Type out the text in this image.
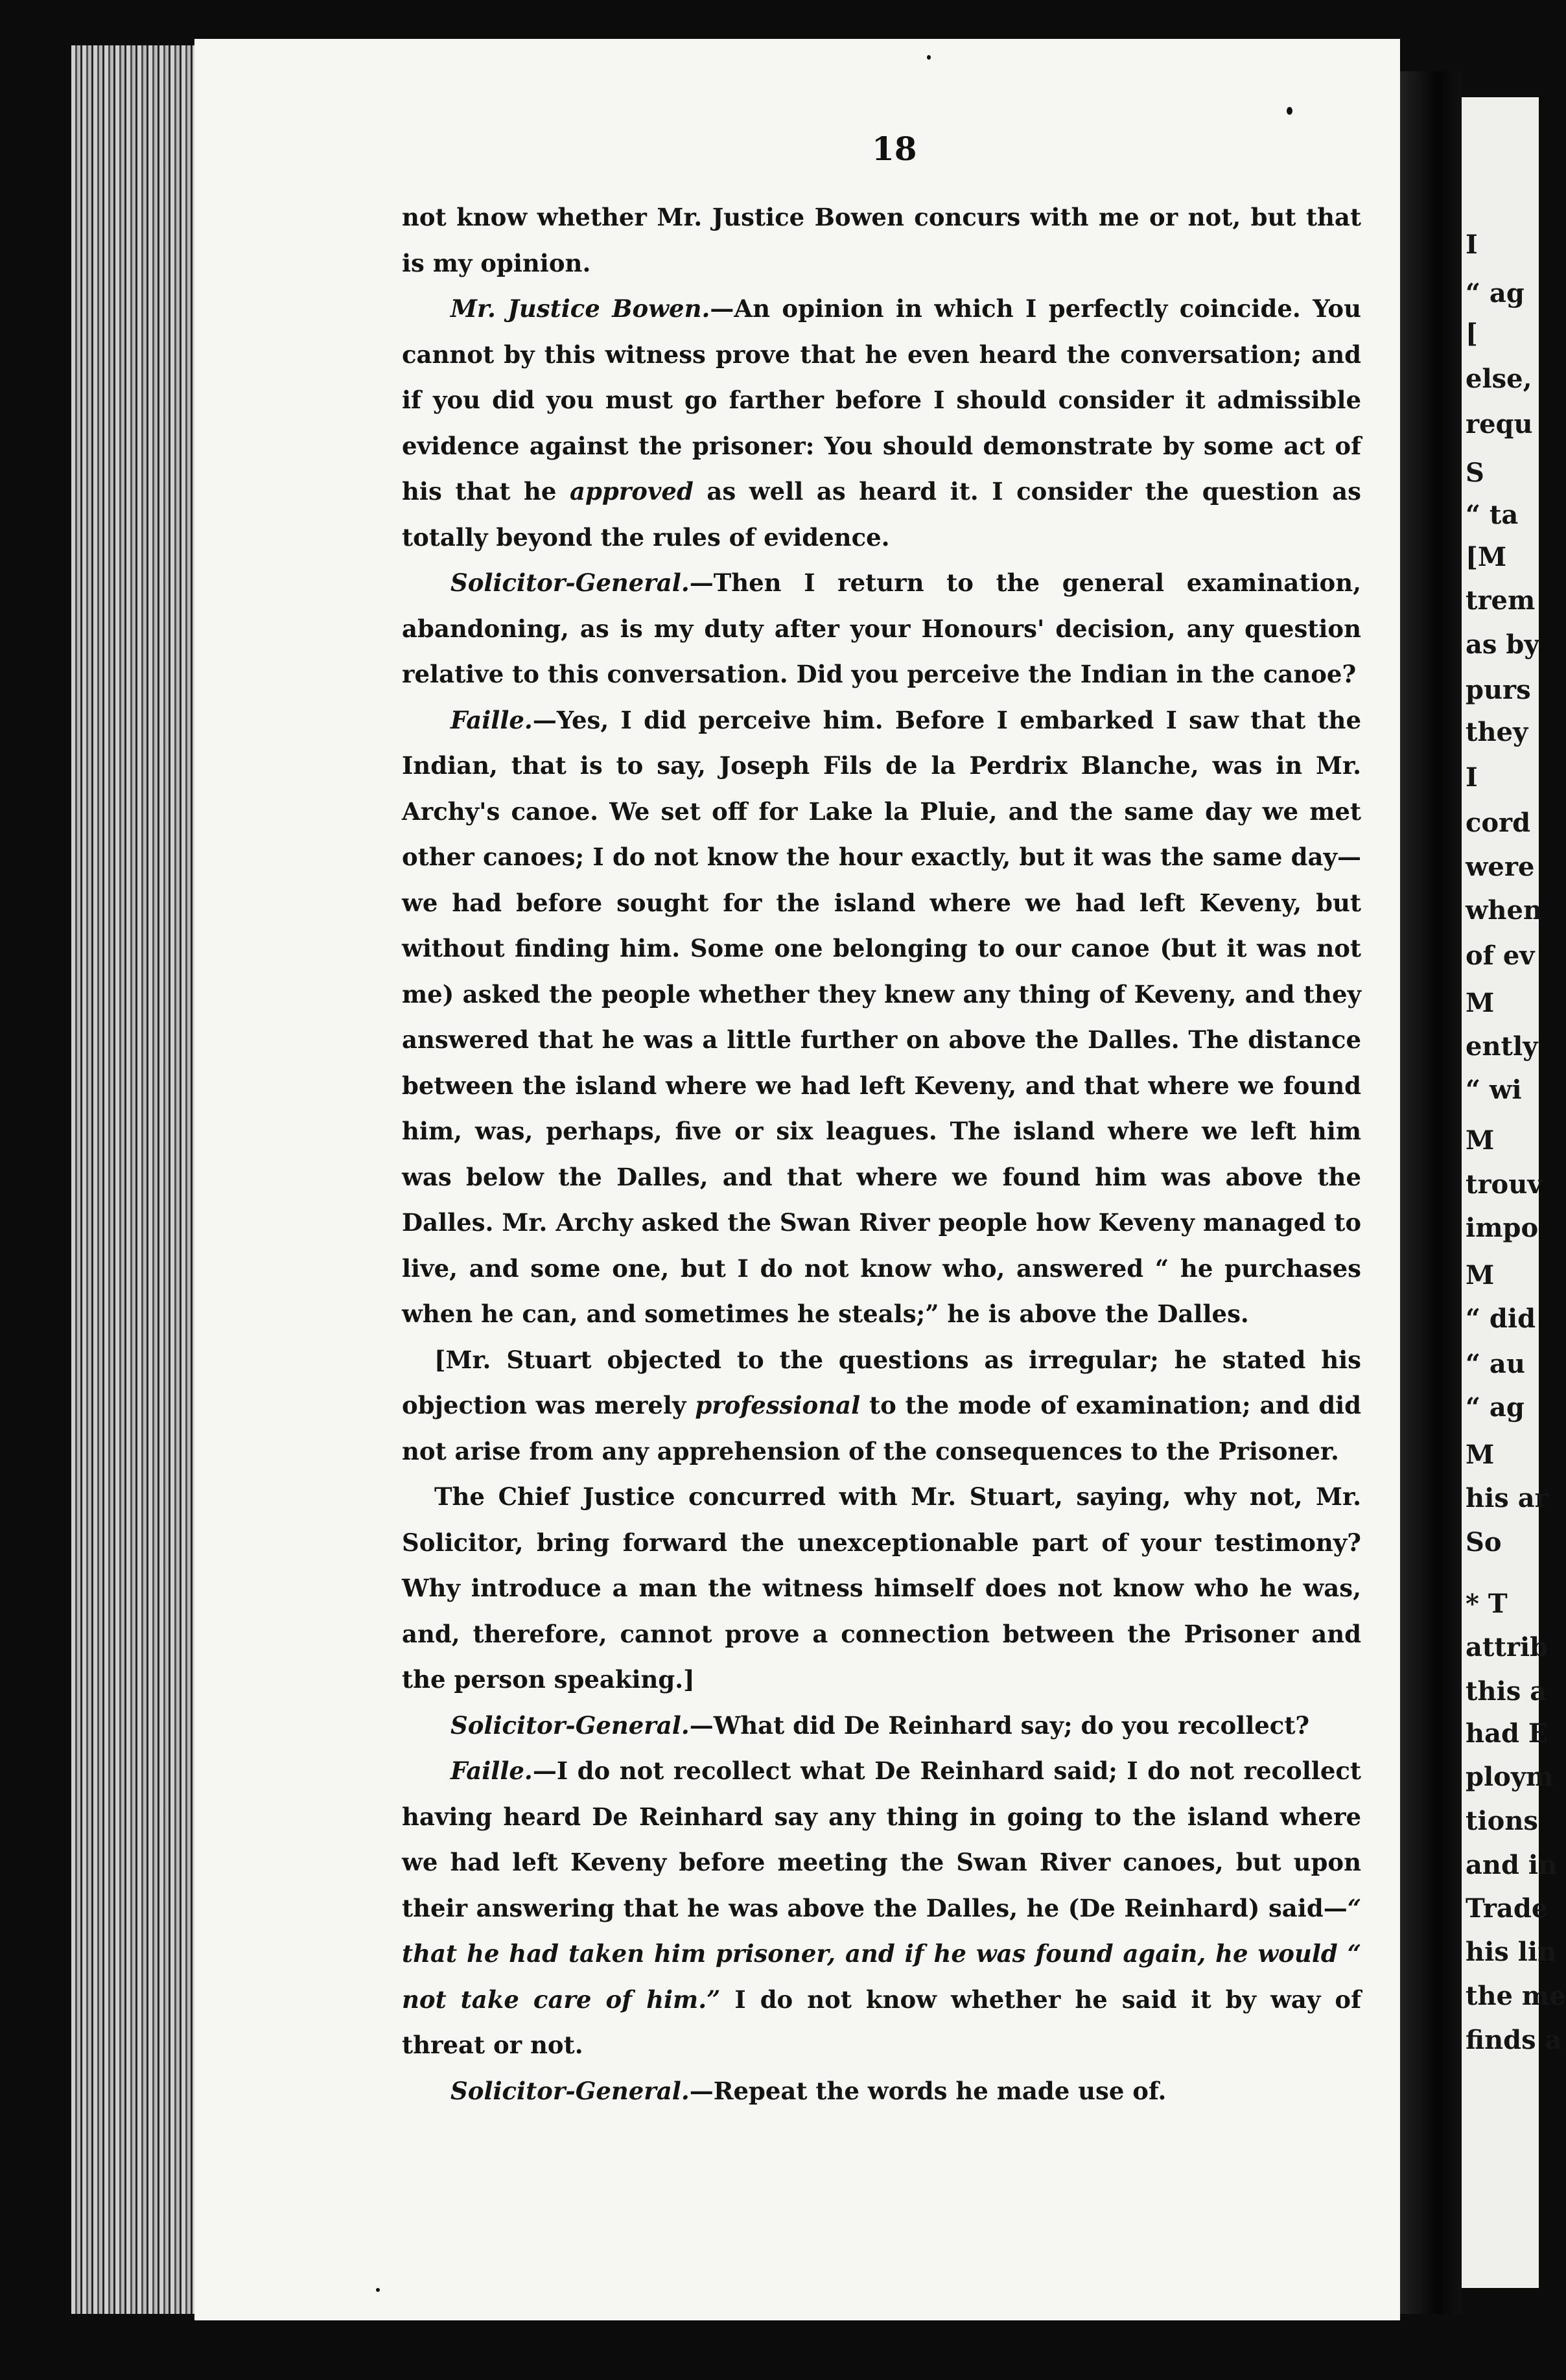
I
“ ag
[
else,
requ
S
“ ta
[M
trem
as by
purs
they
I
cord
were
when
of ev
M
ently
“ wi
M
trouv
impo
M
“ did
“ au
“ ag
M
his ar
So
* T
attrib
this a
had E
ploym
tions
and in
Trade
his lin
the me
finds a
18

not know whether Mr. Justice Bowen concurs with me or not, but that is my opinion.

Mr. Justice Bowen.—An opinion in which I perfectly coincide. You cannot by this witness prove that he even heard the conversation; and if you did you must go farther before I should consider it admissible evidence against the prisoner: You should demonstrate by some act of his that he approved as well as heard it. I consider the question as totally beyond the rules of evidence.

Solicitor-General.—Then I return to the general examination, abandoning, as is my duty after your Honours' decision, any question relative to this conversation. Did you perceive the Indian in the canoe?

Faille.—Yes, I did perceive him. Before I embarked I saw that the Indian, that is to say, Joseph Fils de la Perdrix Blanche, was in Mr. Archy's canoe. We set off for Lake la Pluie, and the same day we met other canoes; I do not know the hour exactly, but it was the same day—we had before sought for the island where we had left Keveny, but without finding him. Some one belonging to our canoe (but it was not me) asked the people whether they knew any thing of Keveny, and they answered that he was a little further on above the Dalles. The distance between the island where we had left Keveny, and that where we found him, was, perhaps, five or six leagues. The island where we left him was below the Dalles, and that where we found him was above the Dalles. Mr. Archy asked the Swan River people how Keveny managed to live, and some one, but I do not know who, answered “ he purchases when he can, and sometimes he steals;” he is above the Dalles.

[Mr. Stuart objected to the questions as irregular; he stated his objection was merely professional to the mode of examination; and did not arise from any apprehension of the consequences to the Prisoner.

The Chief Justice concurred with Mr. Stuart, saying, why not, Mr. Solicitor, bring forward the unexceptionable part of your testimony? Why introduce a man the witness himself does not know who he was, and, therefore, cannot prove a connection between the Prisoner and the person speaking.]

Solicitor-General.—What did De Reinhard say; do you recollect?

Faille.—I do not recollect what De Reinhard said; I do not recollect having heard De Reinhard say any thing in going to the island where we had left Keveny before meeting the Swan River canoes, but upon their answering that he was above the Dalles, he (De Reinhard) said—“ that he had taken him prisoner, and if he was found again, he would “ not take care of him.” I do not know whether he said it by way of threat or not.

Solicitor-General.—Repeat the words he made use of.
